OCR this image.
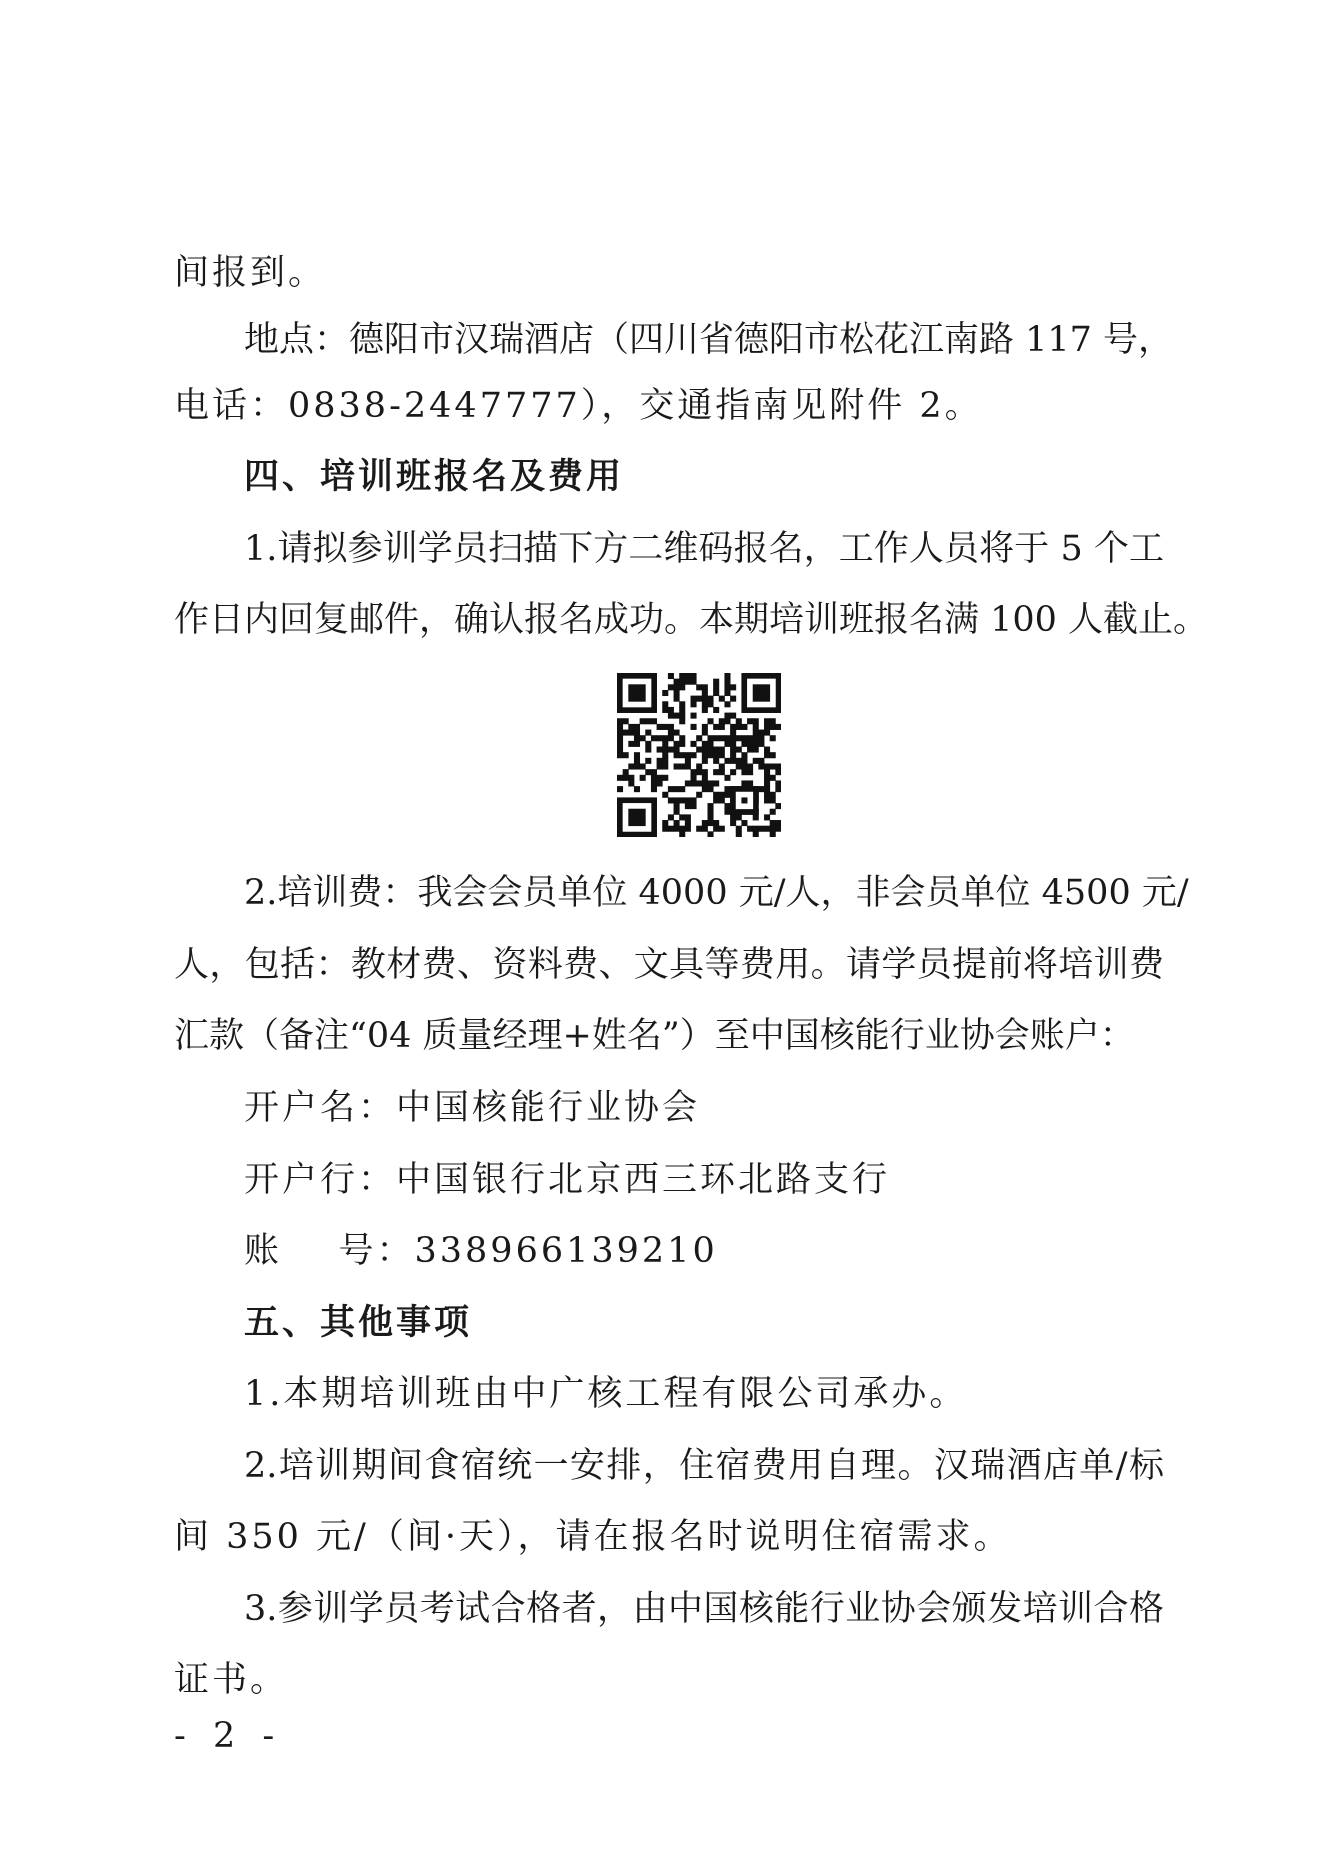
间报到。
地点：德阳市汉瑞酒店（四川省德阳市松花江南路 117 号，
电话：0838-2447777），交通指南见附件 2。
四、培训班报名及费用
1.请拟参训学员扫描下方二维码报名，工作人员将于 5 个工
作日内回复邮件，确认报名成功。本期培训班报名满 100 人截止。
2.培训费：我会会员单位 4000 元/人，非会员单位 4500 元/
人，包括：教材费、资料费、文具等费用。请学员提前将培训费
汇款（备注“04 质量经理+姓名”）至中国核能行业协会账户：
开户名：中国核能行业协会
开户行：中国银行北京西三环北路支行
账    号：338966139210
五、其他事项
1.本期培训班由中广核工程有限公司承办。
2.培训期间食宿统一安排，住宿费用自理。汉瑞酒店单/标
间 350 元/（间·天），请在报名时说明住宿需求。
3.参训学员考试合格者，由中国核能行业协会颁发培训合格
证书。
- 2 -
